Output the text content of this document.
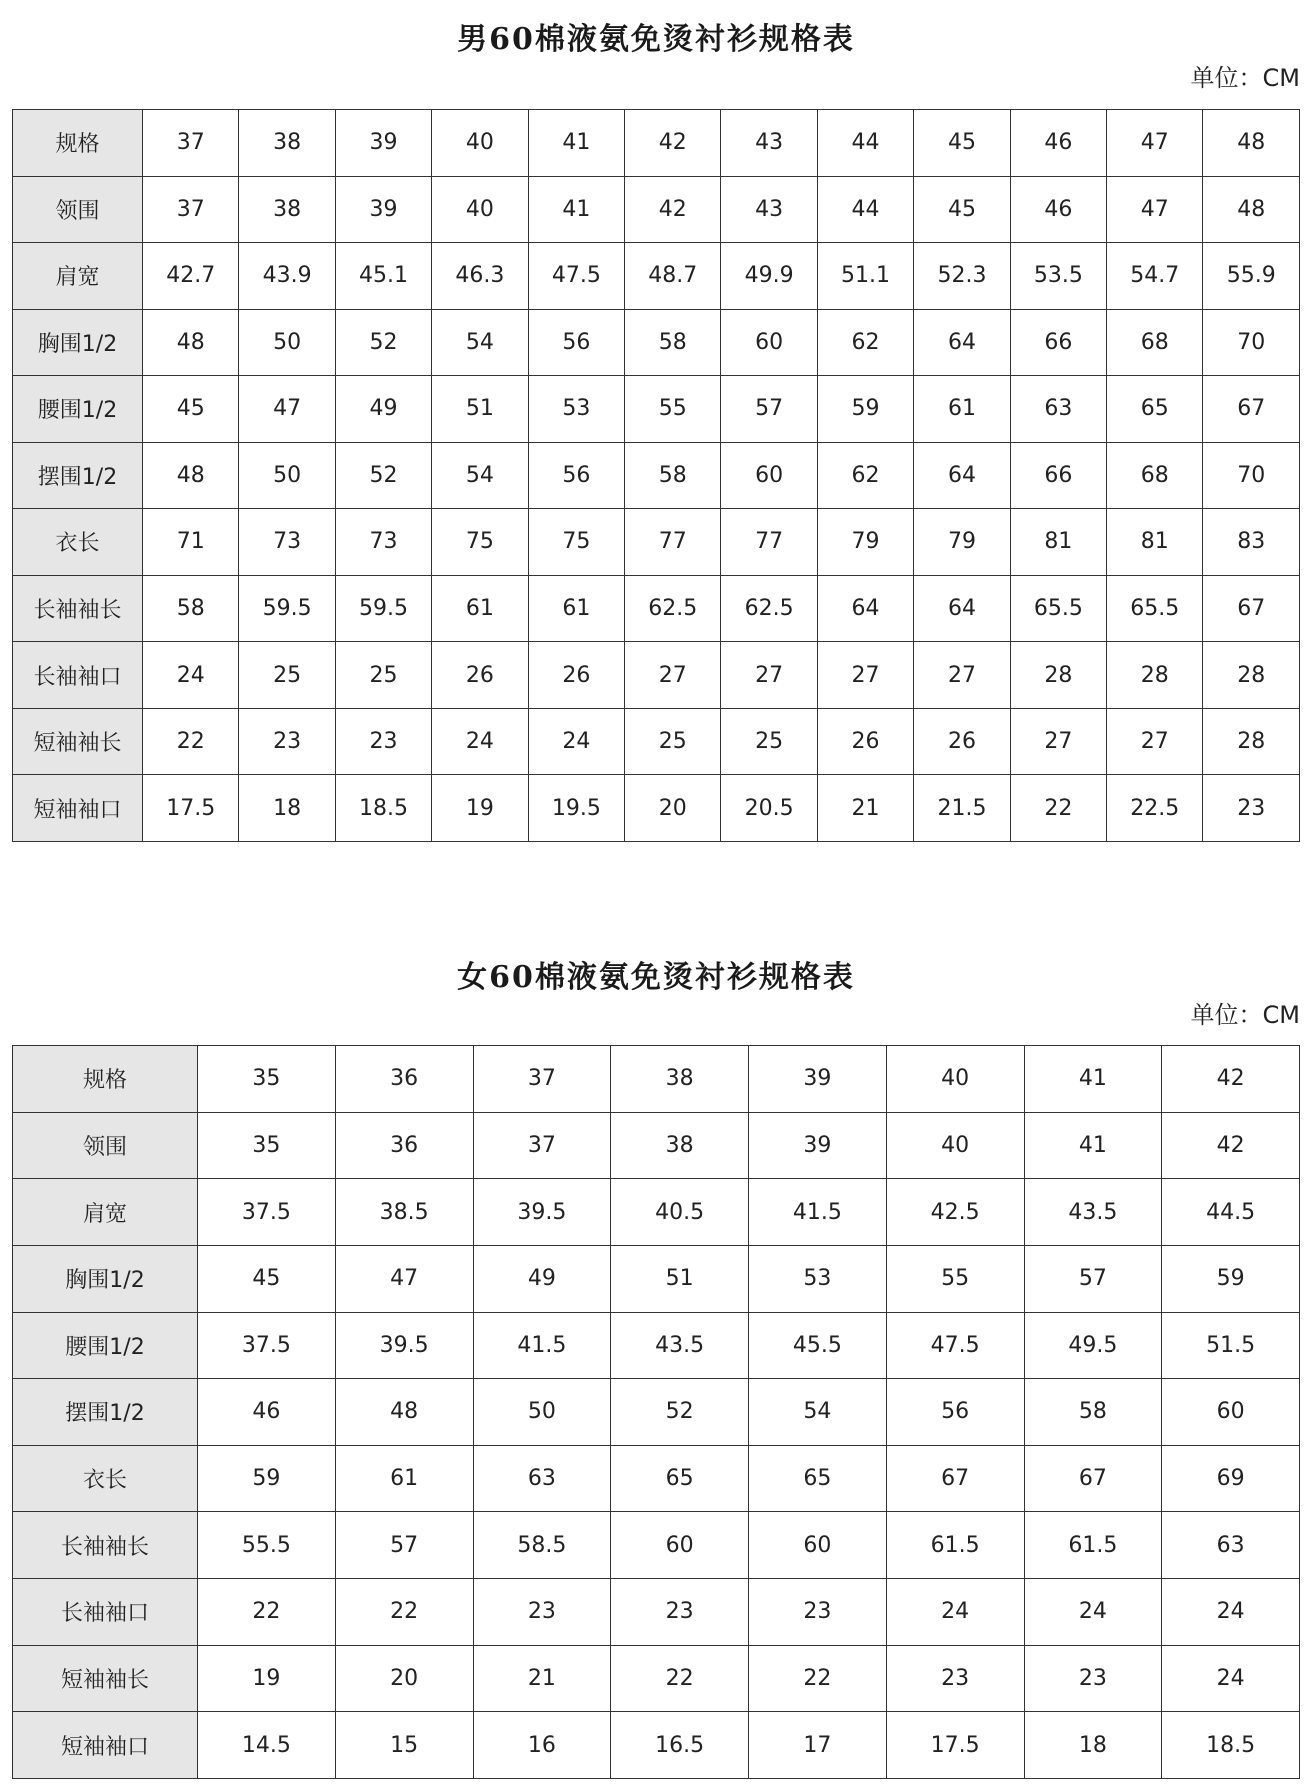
男60棉液氨免烫衬衫规格表
单位：CM
规格	37	38	39	40	41	42	43	44	45	46	47	48
领围	37	38	39	40	41	42	43	44	45	46	47	48
肩宽	42.7	43.9	45.1	46.3	47.5	48.7	49.9	51.1	52.3	53.5	54.7	55.9
胸围1/2	48	50	52	54	56	58	60	62	64	66	68	70
腰围1/2	45	47	49	51	53	55	57	59	61	63	65	67
摆围1/2	48	50	52	54	56	58	60	62	64	66	68	70
衣长	71	73	73	75	75	77	77	79	79	81	81	83
长袖袖长	58	59.5	59.5	61	61	62.5	62.5	64	64	65.5	65.5	67
长袖袖口	24	25	25	26	26	27	27	27	27	28	28	28
短袖袖长	22	23	23	24	24	25	25	26	26	27	27	28
短袖袖口	17.5	18	18.5	19	19.5	20	20.5	21	21.5	22	22.5	23
女60棉液氨免烫衬衫规格表
单位：CM
规格	35	36	37	38	39	40	41	42
领围	35	36	37	38	39	40	41	42
肩宽	37.5	38.5	39.5	40.5	41.5	42.5	43.5	44.5
胸围1/2	45	47	49	51	53	55	57	59
腰围1/2	37.5	39.5	41.5	43.5	45.5	47.5	49.5	51.5
摆围1/2	46	48	50	52	54	56	58	60
衣长	59	61	63	65	65	67	67	69
长袖袖长	55.5	57	58.5	60	60	61.5	61.5	63
长袖袖口	22	22	23	23	23	24	24	24
短袖袖长	19	20	21	22	22	23	23	24
短袖袖口	14.5	15	16	16.5	17	17.5	18	18.5
